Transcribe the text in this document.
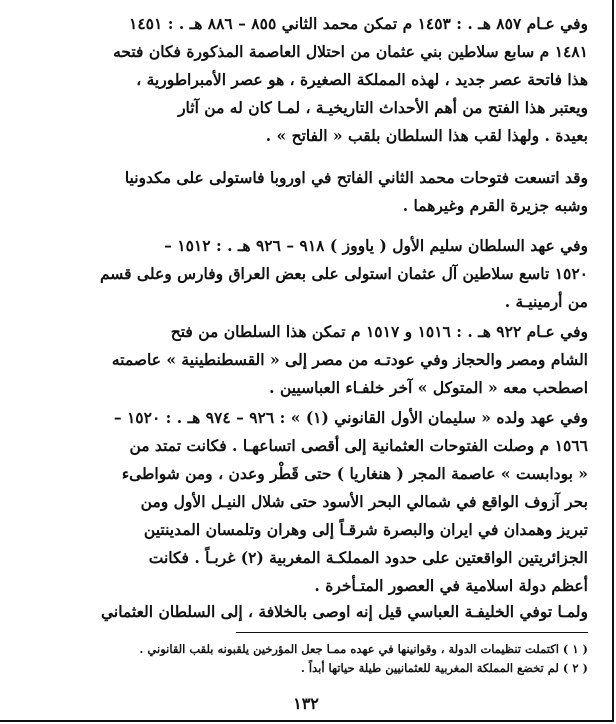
وفي عـام ٨٥٧ هـ . : ١٤٥٣ م تمكن محمد الثاني ٨٥٥ – ٨٨٦ هـ . : ١٤٥١
١٤٨١ م سابع سلاطين بني عثمان من احتلال العاصمة المذكورة فكان فتحه
هذا فاتحة عصر جديد ، لهذه المملكة الصغيرة ، هو عصر الأمبراطورية ،
ويعتبر هذا الفتح من أهم الأحداث التاريخيـة ، لمـا كان له من آثار
بعيدة . ولهذا لقب هذا السلطان بلقب « الفاتح » .
وقد اتسعت فتوحات محمد الثاني الفاتح في اوروبا فاستولى على مكدونيا
وشبه جزيرة القرم وغيرهما .
وفي عهد السلطان سليم الأول ( ياووز ) ٩١٨ – ٩٢٦ هـ . : ١٥١٢ –
١٥٢٠ تاسع سلاطين آل عثمان استولى على بعض العراق وفارس وعلى قسم
من أرمينيـة .
وفي عـام ٩٢٢ هـ . : ١٥١٦ و ١٥١٧ م تمكن هذا السلطان من فتح
الشام ومصر والحجاز وفي عودتـه من مصر إلى « القسطنطينية » عاصمته
اصطحب معه « المتوكل » آخر خلفـاء العباسيين .
وفي عهد ولده « سليمان الأول القانوني (١) » : ٩٢٦ – ٩٧٤ هـ . : ١٥٢٠ –
١٥٦٦ م وصلت الفتوحات العثمانية إلى أقصى اتساعهـا . فكانت تمتد من
« بودابست » عاصمة المجر ( هنغاريا ) حتى قَطْر وعدن ، ومن شواطىء
بحر آزوف الواقع في شمالي البحر الأسود حتى شلال النيـل الأول ومن
تبريز وهمدان في ايران والبصرة شرقـاً إلى وهران وتلمسان المدينتين
الجزائريتين الواقعتين على حدود المملكـة المغربية (٢) غربـاً . فكانت
أعظم دولة اسلامية في العصور المتـأخرة .
ولمـا توفي الخليفـة العباسي قيل إنه اوصى بالخلافة ، إلى السلطان العثماني
( ١ ) اكتملت تنظيمات الدولة ، وقوانينها في عهده ممـا جعل المؤرخين يلقبونه بلقب القانوني .
( ٢ ) لم تخضع المملكة المغربية للعثمانيين طيلة حياتها أبداً .
١٣٢
